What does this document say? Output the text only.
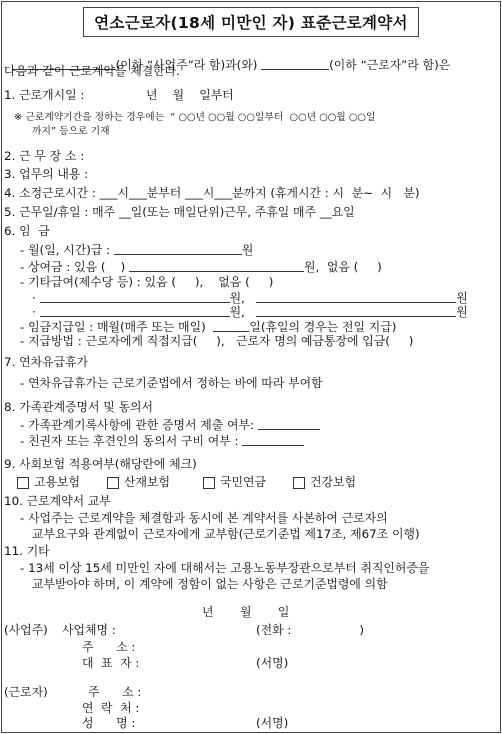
연소근로자(18세 미만인 자) 표준근로계약서

(이하 “사업주”라 함)과(와)	(이하 “근로자”라 함)은

다음과 같이 근로계약을 체결한다.
1. 근로개시일 :	년    월    일부터
※ 근로계약기간을 정하는 경우에는  “ ○○년 ○○월 ○○일부터  ○○년 ○○월 ○○일
까지” 등으로 기재
2. 근 무 장 소 :
3. 업무의 내용 :
4. 소정근로시간 : ___시___분부터 ___시___분까지 (휴게시간 : 시  분~  시   분)
5. 근무일/휴일 : 매주 __일(또는 매일단위)근무, 주휴일 매주 __요일
6. 임  금
- 월(일, 시간)급 :	원
- 상여금 : 있음 (    )	원,  없음 (     )
- 기타급여(제수당 등) : 있음 (     ),    없음 (     )
·	원,	원
·	원,	원
- 임금지급일 : 매월(매주 또는 매일)	일(휴일의 경우는 전일 지급)
- 지급방법 : 근로자에게 직접지급(     ),   근로자 명의 예금통장에 입금(     )
7. 연차유급휴가
- 연차유급휴가는 근로기준법에서 정하는 바에 따라 부여함
8. 가족관계증명서 및 동의서
- 가족관계기록사항에 관한 증명서 제출 여부:
- 친권자 또는 후견인의 동의서 구비 여부 :
9. 사회보험 적용여부(해당란에 체크)
고용보험	산재보험	국민연금	건강보험
10. 근로계약서 교부
- 사업주는 근로계약을 체결함과 동시에 본 계약서를 사본하여 근로자의
교부요구와 관계없이 근로자에게 교부함(근로기준법 제17조, 제67조 이행)
11. 기타
- 13세 이상 15세 미만인 자에 대해서는 고용노동부장관으로부터 취직인허증을
교부받아야 하며, 이 계약에 정함이 없는 사항은 근로기준법령에 의함
년       월       일
(사업주) 사업체명 :	(전화 :                  )
주      소 :
대  표  자 :	(서명)
(근로자)	주      소 :
연  락  처 :
성      명 :	(서명)
